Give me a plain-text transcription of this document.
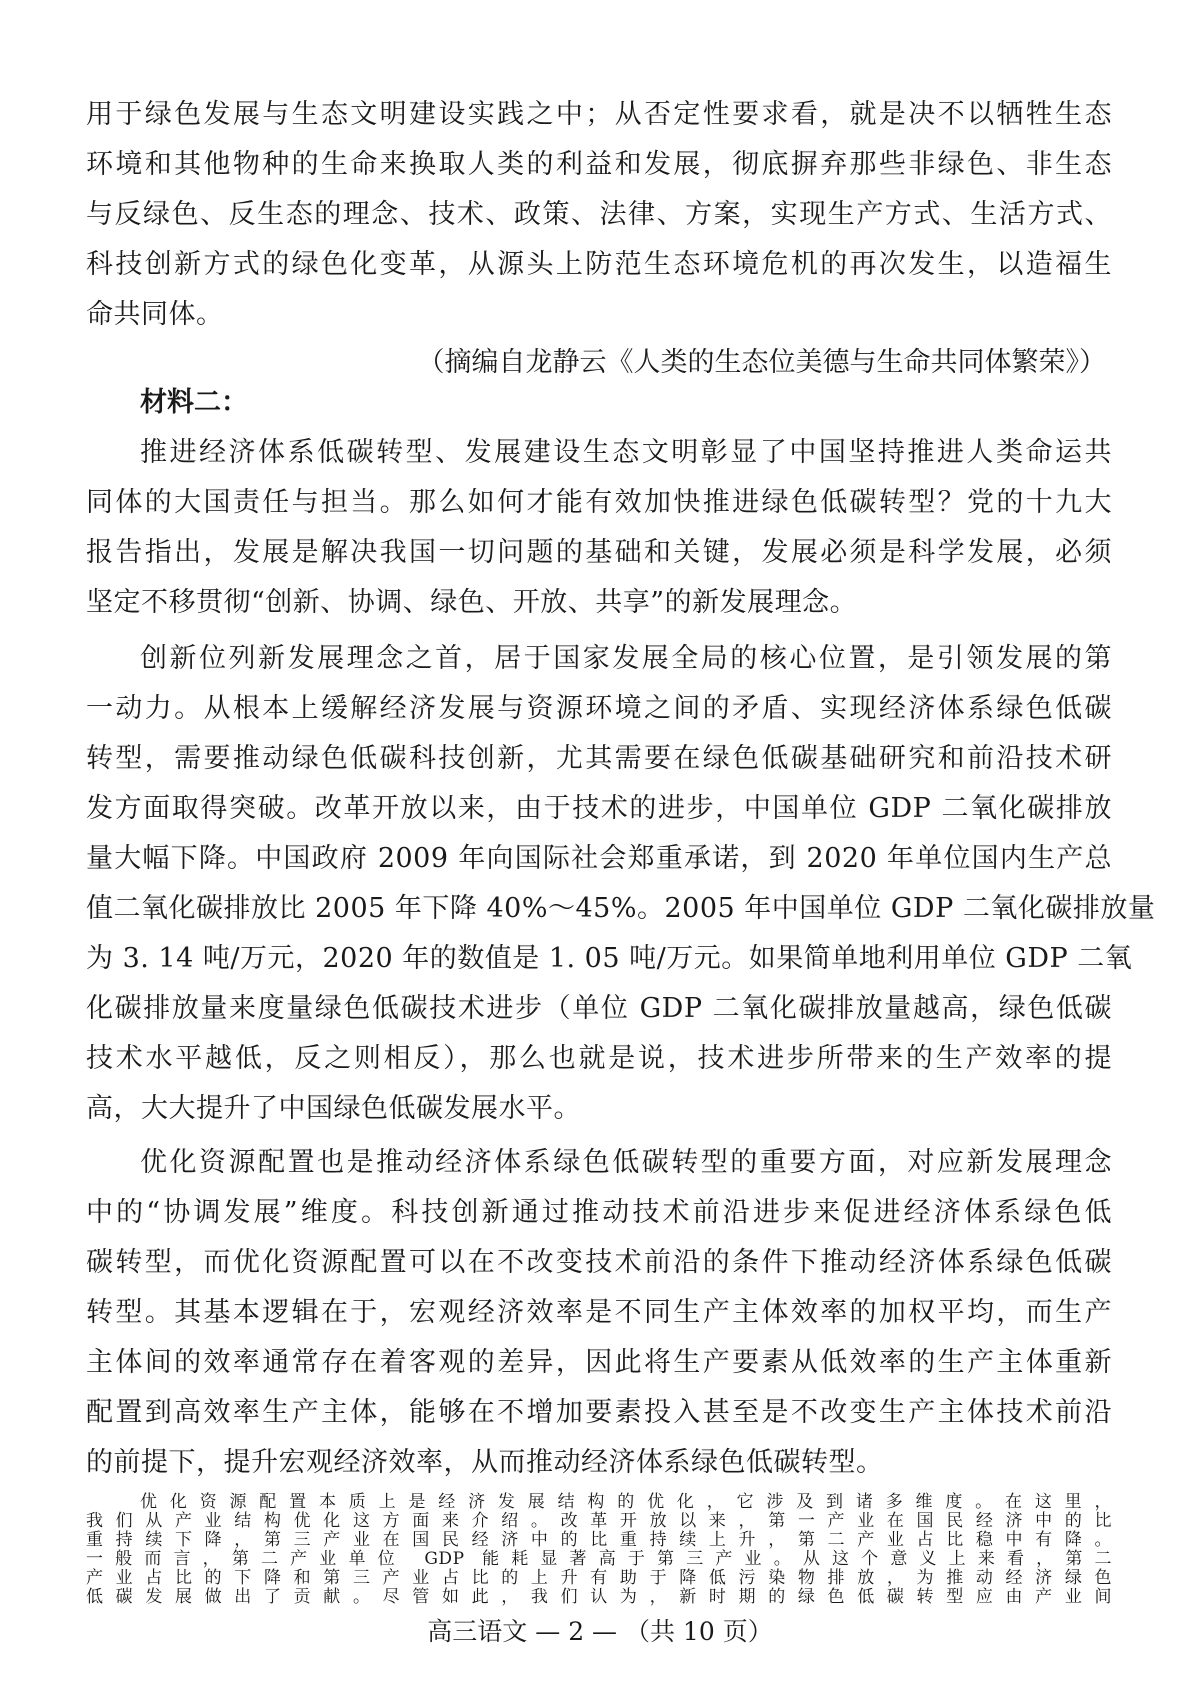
用于绿色发展与生态文明建设实践之中；从否定性要求看，就是决不以牺牲生态
环境和其他物种的生命来换取人类的利益和发展，彻底摒弃那些非绿色、非生态
与反绿色、反生态的理念、技术、政策、法律、方案，实现生产方式、生活方式、
科技创新方式的绿色化变革，从源头上防范生态环境危机的再次发生，以造福生
命共同体。
（摘编自龙静云《人类的生态位美德与生命共同体繁荣》）
材料二：
推进经济体系低碳转型、发展建设生态文明彰显了中国坚持推进人类命运共
同体的大国责任与担当。那么如何才能有效加快推进绿色低碳转型？党的十九大
报告指出，发展是解决我国一切问题的基础和关键，发展必须是科学发展，必须
坚定不移贯彻“创新、协调、绿色、开放、共享”的新发展理念。
创新位列新发展理念之首，居于国家发展全局的核心位置，是引领发展的第
一动力。从根本上缓解经济发展与资源环境之间的矛盾、实现经济体系绿色低碳
转型，需要推动绿色低碳科技创新，尤其需要在绿色低碳基础研究和前沿技术研
发方面取得突破。改革开放以来，由于技术的进步，中国单位 GDP 二氧化碳排放
量大幅下降。中国政府 2009 年向国际社会郑重承诺，到 2020 年单位国内生产总
值二氧化碳排放比 2005 年下降 40%～45%。2005 年中国单位 GDP 二氧化碳排放量
为 3. 14 吨/万元，2020 年的数值是 1. 05 吨/万元。如果简单地利用单位 GDP 二氧
化碳排放量来度量绿色低碳技术进步（单位 GDP 二氧化碳排放量越高，绿色低碳
技术水平越低，反之则相反），那么也就是说，技术进步所带来的生产效率的提
高，大大提升了中国绿色低碳发展水平。
优化资源配置也是推动经济体系绿色低碳转型的重要方面，对应新发展理念
中的“协调发展”维度。科技创新通过推动技术前沿进步来促进经济体系绿色低
碳转型，而优化资源配置可以在不改变技术前沿的条件下推动经济体系绿色低碳
转型。其基本逻辑在于，宏观经济效率是不同生产主体效率的加权平均，而生产
主体间的效率通常存在着客观的差异，因此将生产要素从低效率的生产主体重新
配置到高效率生产主体，能够在不增加要素投入甚至是不改变生产主体技术前沿
的前提下，提升宏观经济效率，从而推动经济体系绿色低碳转型。
优化资源配置本质上是经济发展结构的优化，它涉及到诸多维度。在这里，
我们从产业结构优化这方面来介绍。改革开放以来，第一产业在国民经济中的比
重持续下降，第三产业在国民经济中的比重持续上升，第二产业占比稳中有降。
一般而言，第二产业单位 GDP 能耗显著高于第三产业。从这个意义上来看，第二
产业占比的下降和第三产业占比的上升有助于降低污染物排放，为推动经济绿色
低碳发展做出了贡献。尽管如此，我们认为，新时期的绿色低碳转型应由产业间
高三语文 — 2 — （共 10 页）
